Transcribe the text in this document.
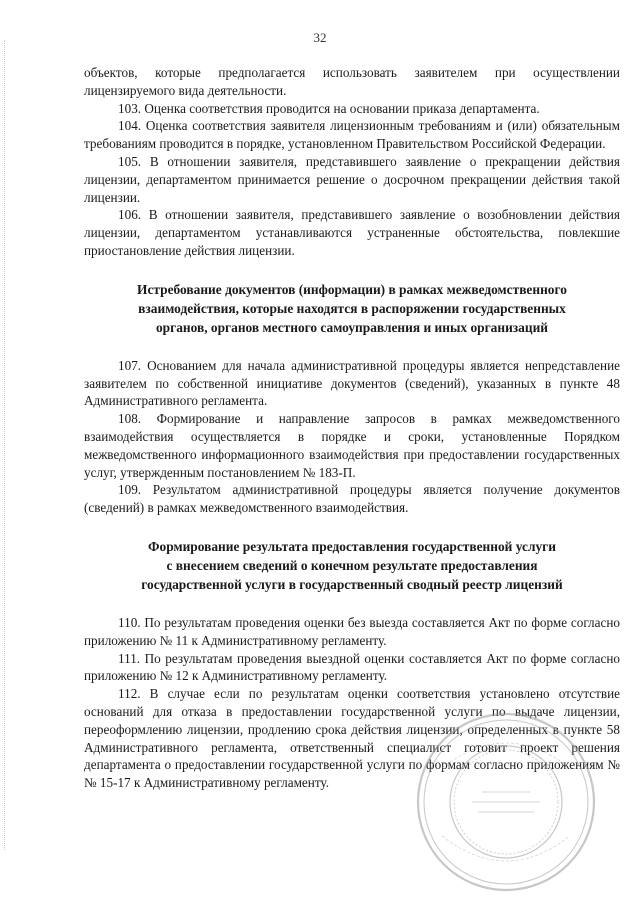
32

объектов, которые предполагается использовать заявителем при осуществлении лицензируемого вида деятельности.

103. Оценка соответствия проводится на основании приказа департамента.

104. Оценка соответствия заявителя лицензионным требованиям и (или) обязательным требованиям проводится в порядке, установленном Правительством Российской Федерации.

105. В отношении заявителя, представившего заявление о прекращении действия лицензии, департаментом принимается решение о досрочном прекращении действия такой лицензии.

106. В отношении заявителя, представившего заявление о возобновлении действия лицензии, департаментом устанавливаются устраненные обстоятельства, повлекшие приостановление действия лицензии.

Истребование документов (информации) в рамках межведомственного
взаимодействия, которые находятся в распоряжении государственных
органов, органов местного самоуправления и иных организаций

107. Основанием для начала административной процедуры является непредставление заявителем по собственной инициативе документов (сведений), указанных в пункте 48 Административного регламента.

108. Формирование и направление запросов в рамках межведомственного взаимодействия осуществляется в порядке и сроки, установленные Порядком межведомственного информационного взаимодействия при предоставлении государственных услуг, утвержденным постановлением № 183-П.

109. Результатом административной процедуры является получение документов (сведений) в рамках межведомственного взаимодействия.

Формирование результата предоставления государственной услуги
с внесением сведений о конечном результате предоставления
государственной услуги в государственный сводный реестр лицензий

110. По результатам проведения оценки без выезда составляется Акт по форме согласно приложению № 11 к Административному регламенту.

111. По результатам проведения выездной оценки составляется Акт по форме согласно приложению № 12 к Административному регламенту.

112. В случае если по результатам оценки соответствия установлено отсутствие оснований для отказа в предоставлении государственной услуги по выдаче лицензии, переоформлению лицензии, продлению срока действия лицензии, определенных в пункте 58 Административного регламента, ответственный специалист готовит проект решения департамента о предоставлении государственной услуги по формам согласно приложениям №№ 15-17 к Административному регламенту.
